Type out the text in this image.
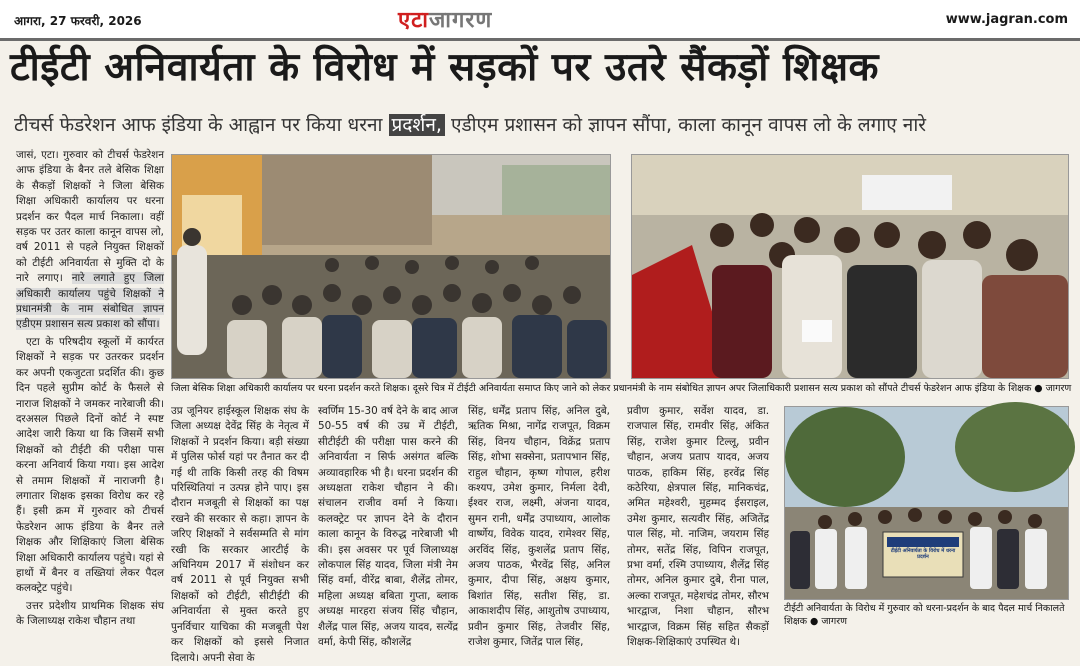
आगरा, 27 फरवरी, 2026	एटाजागरण	www.jagran.com
टीईटी अनिवार्यता के विरोध में सड़कों पर उतरे सैंकड़ों शिक्षक
टीचर्स फेडरेशन आफ इंडिया के आह्वान पर किया धरना प्रदर्शन, एडीएम प्रशासन को ज्ञापन सौंपा, काला कानून वापस लो के लगाए नारे

जासं, एटा। गुरुवार को टीचर्स फेडरेशन आफ इंडिया के बैनर तले बेसिक शिक्षा के सैकड़ों शिक्षकों ने जिला बेसिक शिक्षा अधिकारी कार्यालय पर धरना प्रदर्शन कर पैदल मार्च निकाला। वहीं सड़क पर उतर काला कानून वापस लो, वर्ष 2011 से पहले नियुक्त शिक्षकों को टीईटी अनिवार्यता से मुक्ति दो के नारे लगाए। नारे लगाते हुए जिला अधिकारी कार्यालय पहुंचे शिक्षकों ने प्रधानमंत्री के नाम संबोधित ज्ञापन एडीएम प्रशासन सत्य प्रकाश को सौंपा।

एटा के परिषदीय स्कूलों में कार्यरत शिक्षकों ने सड़क पर उतरकर प्रदर्शन कर अपनी एकजुटता प्रदर्शित की। कुछ दिन पहले सुप्रीम कोर्ट के फैसले से नाराज शिक्षकों ने जमकर नारेबाजी की। दरअसल पिछले दिनों कोर्ट ने स्पष्ट आदेश जारी किया था कि जिसमें सभी शिक्षकों को टीईटी की परीक्षा पास करना अनिवार्य किया गया। इस आदेश से तमाम शिक्षकों में नाराजगी है। लगातार शिक्षक इसका विरोध कर रहे हैं। इसी क्रम में गुरुवार को टीचर्स फेडरेशन आफ इंडिया के बैनर तले शिक्षक और शिक्षिकाएं जिला बेसिक शिक्षा अधिकारी कार्यालय पहुंचे। यहां से हाथों में बैनर व तख्तियां लेकर पैदल कलक्ट्रेट पहुंचे।

उत्तर प्रदेशीय प्राथमिक शिक्षक संघ के जिलाध्यक्ष राकेश चौहान तथा

जिला बेसिक शिक्षा अधिकारी कार्यालय पर धरना प्रदर्शन करते शिक्षक। दूसरे चित्र में टीईटी अनिवार्यता समाप्त किए जाने को लेकर प्रधानमंत्री के नाम संबोधित ज्ञापन अपर जिलाधिकारी प्रशासन सत्य प्रकाश को सौंपते टीचर्स फेडरेशन आफ इंडिया के शिक्षक ● जागरण
उप्र जूनियर हाईस्कूल शिक्षक संघ के जिला अध्यक्ष देवेंद्र सिंह के नेतृत्व में शिक्षकों ने प्रदर्शन किया। बड़ी संख्या में पुलिस फोर्स यहां पर तैनात कर दी गई थी ताकि किसी तरह की विषम परिस्थितियां न उत्पन्न होने पाए। इस दौरान मजबूती से शिक्षकों का पक्ष रखने की सरकार से कहा। ज्ञापन के जरिए शिक्षकों ने सर्वसम्मति से मांग रखी कि सरकार आरटीई के अधिनियम 2017 में संशोधन कर वर्ष 2011 से पूर्व नियुक्त सभी शिक्षकों को टीईटी, सीटीईटी की अनिवार्यता से मुक्त करते हुए पुनर्विचार याचिका की मजबूती पेश कर शिक्षकों को इससे निजात दिलाये। अपनी सेवा के
स्वर्णिम 15-30 वर्ष देने के बाद आज 50-55 वर्ष की उम्र में टीईटी, सीटीईटी की परीक्षा पास करने की अनिवार्यता न सिर्फ असंगत बल्कि अव्यावहारिक भी है। धरना प्रदर्शन की अध्यक्षता राकेश चौहान ने की। संचालन राजीव वर्मा ने किया। कलक्ट्रेट पर ज्ञापन देने के दौरान काला कानून के विरुद्ध नारेबाजी भी की। इस अवसर पर पूर्व जिलाध्यक्ष लोकपाल सिंह यादव, जिला मंत्री नेम सिंह वर्मा, वीरेंद्र बाबा, शैलेंद्र तोमर, महिला अध्यक्ष बबिता गुप्ता, ब्लाक अध्यक्ष मारहरा संजय सिंह चौहान, शैलेंद्र पाल सिंह, अजय यादव, सत्येंद्र वर्मा, केपी सिंह, कौशलेंद्र
सिंह, धर्मेंद्र प्रताप सिंह, अनिल दुबे, ऋतिक मिश्रा, नागेंद्र राजपूत, विक्रम सिंह, विनय चौहान, विक्रेंद्र प्रताप सिंह, शोभा सक्सेना, प्रतापभान सिंह, राहुल चौहान, कृष्ण गोपाल, हरीश कश्यप, उमेश कुमार, निर्मला देवी, ईश्वर राज, लक्ष्मी, अंजना यादव, सुमन रानी, धर्मेंद्र उपाध्याय, आलोक वार्ष्णेय, विवेक यादव, रामेश्वर सिंह, अरविंद सिंह, कुशलेंद्र प्रताप सिंह, अजय पाठक, भैरवेंद्र सिंह, अनिल कुमार, दीपा सिंह, अक्षय कुमार, बिशांत सिंह, सतीश सिंह, डा. आकाशदीप सिंह, आशुतोष उपाध्याय, प्रवीन कुमार सिंह, तेजवीर सिंह, राजेश कुमार, जितेंद्र पाल सिंह,
प्रवीण कुमार, सर्वेश यादव, डा. राजपाल सिंह, रामवीर सिंह, अंकित सिंह, राजेश कुमार टिल्लू, प्रवीन चौहान, अजय प्रताप यादव, अजय पाठक, हाकिम सिंह, हरवेंद्र सिंह कठेरिया, क्षेत्रपाल सिंह, मानिकचंद्र, अमित महेश्वरी, मुहम्मद ईसराइल, उमेश कुमार, सत्यवीर सिंह, अजितेंद्र पाल सिंह, मो. नाजिम, जयराम सिंह तोमर, सतेंद्र सिंह, विपिन राजपूत, प्रभा वर्मा, रश्मि उपाध्याय, शैलेंद्र सिंह तोमर, अनिल कुमार दुबे, रीना पाल, अल्का राजपूत, महेशचंद्र तोमर, सौरभ भारद्वाज, निशा चौहान, सौरभ भारद्वाज, विक्रम सिंह सहित सैकड़ों शिक्षक-शिक्षिकाएं उपस्थित थे।
टीईटी अनिवार्यता के विरोध में धरना प्रदर्शन
टीईटी अनिवार्यता के विरोध में गुरुवार को धरना-प्रदर्शन के बाद पैदल मार्च निकालते शिक्षक ● जागरण
